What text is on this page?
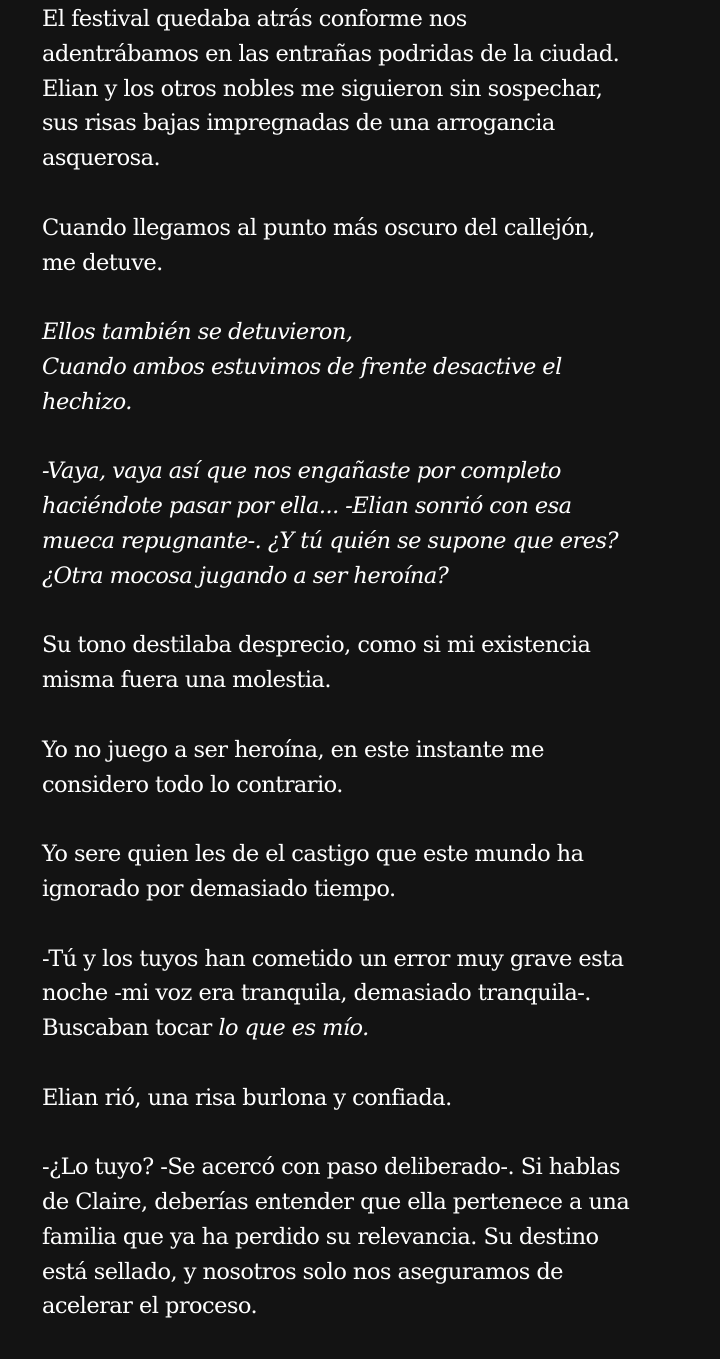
El festival quedaba atrás conforme nos
adentrábamos en las entrañas podridas de la ciudad.
Elian y los otros nobles me siguieron sin sospechar,
sus risas bajas impregnadas de una arrogancia
asquerosa.

Cuando llegamos al punto más oscuro del callejón,
me detuve.

Ellos también se detuvieron,
Cuando ambos estuvimos de frente desactive el
hechizo.

-Vaya, vaya así que nos engañaste por completo
haciéndote pasar por ella... -Elian sonrió con esa
mueca repugnante-. ¿Y tú quién se supone que eres?
¿Otra mocosa jugando a ser heroína?

Su tono destilaba desprecio, como si mi existencia
misma fuera una molestia.

Yo no juego a ser heroína, en este instante me
considero todo lo contrario.

Yo sere quien les de el castigo que este mundo ha
ignorado por demasiado tiempo.

-Tú y los tuyos han cometido un error muy grave esta
noche -mi voz era tranquila, demasiado tranquila-.
Buscaban tocar lo que es mío.

Elian rió, una risa burlona y confiada.

-¿Lo tuyo? -Se acercó con paso deliberado-. Si hablas
de Claire, deberías entender que ella pertenece a una
familia que ya ha perdido su relevancia. Su destino
está sellado, y nosotros solo nos aseguramos de
acelerar el proceso.
